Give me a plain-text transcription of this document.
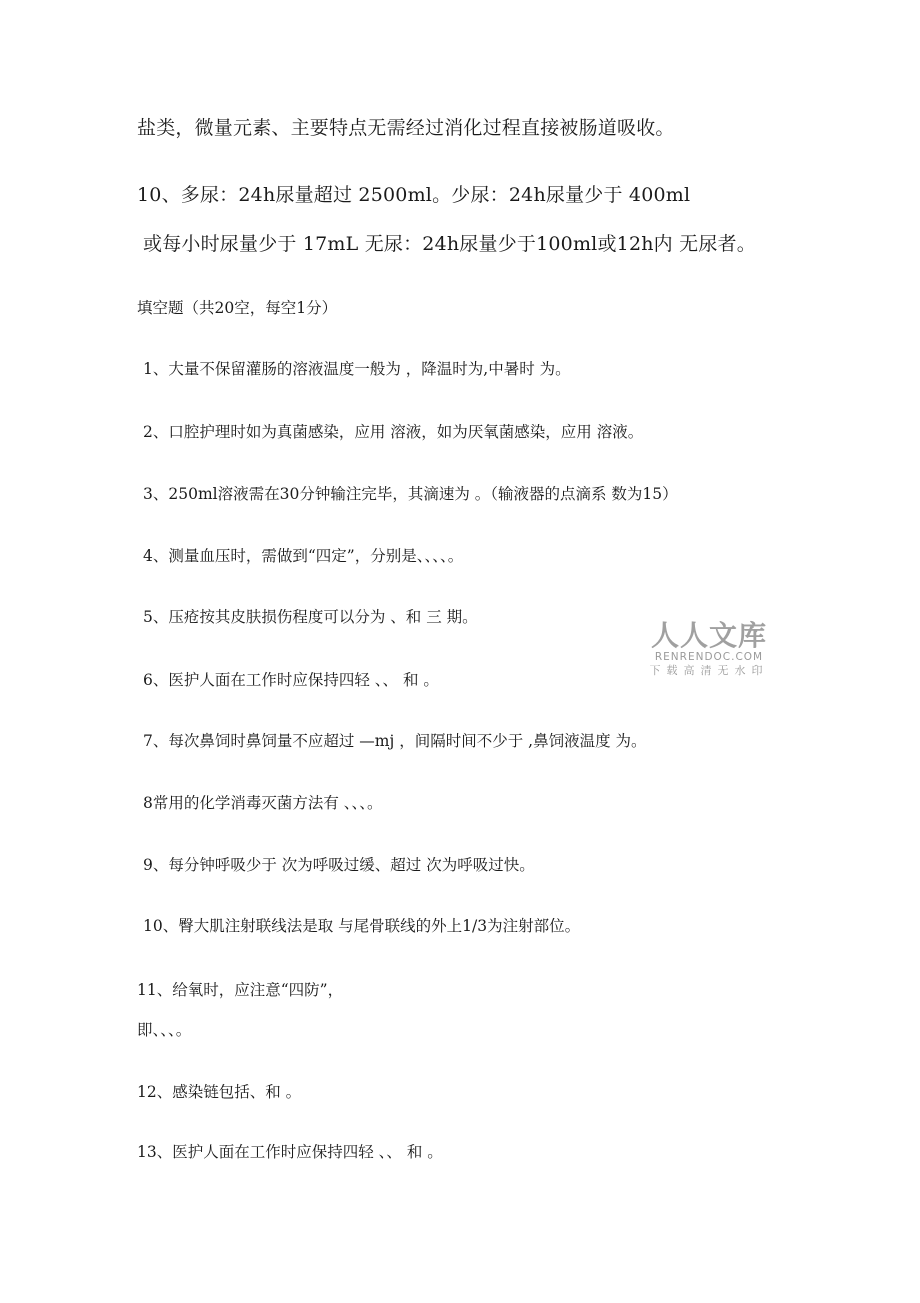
盐类，微量元素、主要特点无需经过消化过程直接被肠道吸收。
10、多尿：24h尿量超过 2500ml。少尿：24h尿量少于 400ml
或每小时尿量少于 17mL 无尿：24h尿量少于100ml或12h内 无尿者。
填空题（共20空，每空1分）
1、大量不保留灌肠的溶液温度一般为 ，降温时为,中暑时 为。
2、口腔护理时如为真菌感染，应用 溶液，如为厌氧菌感染，应用 溶液。
3、250ml溶液需在30分钟输注完毕，其滴速为 。（输液器的点滴系 数为15）
4、测量血压时，需做到“四定”，分别是、、、、。
5、压疮按其皮肤损伤程度可以分为 、和 三 期。
6、医护人面在工作时应保持四轻 、、 和 。
7、每次鼻饲时鼻饲量不应超过 —mj ，间隔时间不少于 ,鼻饲液温度 为。
8常用的化学消毒灭菌方法有 、、、。
9、每分钟呼吸少于 次为呼吸过缓、超过 次为呼吸过快。
10、臀大肌注射联线法是取 与尾骨联线的外上1/3为注射部位。
11、给氧时，应注意“四防”，
即、、、。
12、感染链包括、和 。
13、医护人面在工作时应保持四轻 、、 和 。
人人文库
RENRENDOC.COM
下载高清无水印
